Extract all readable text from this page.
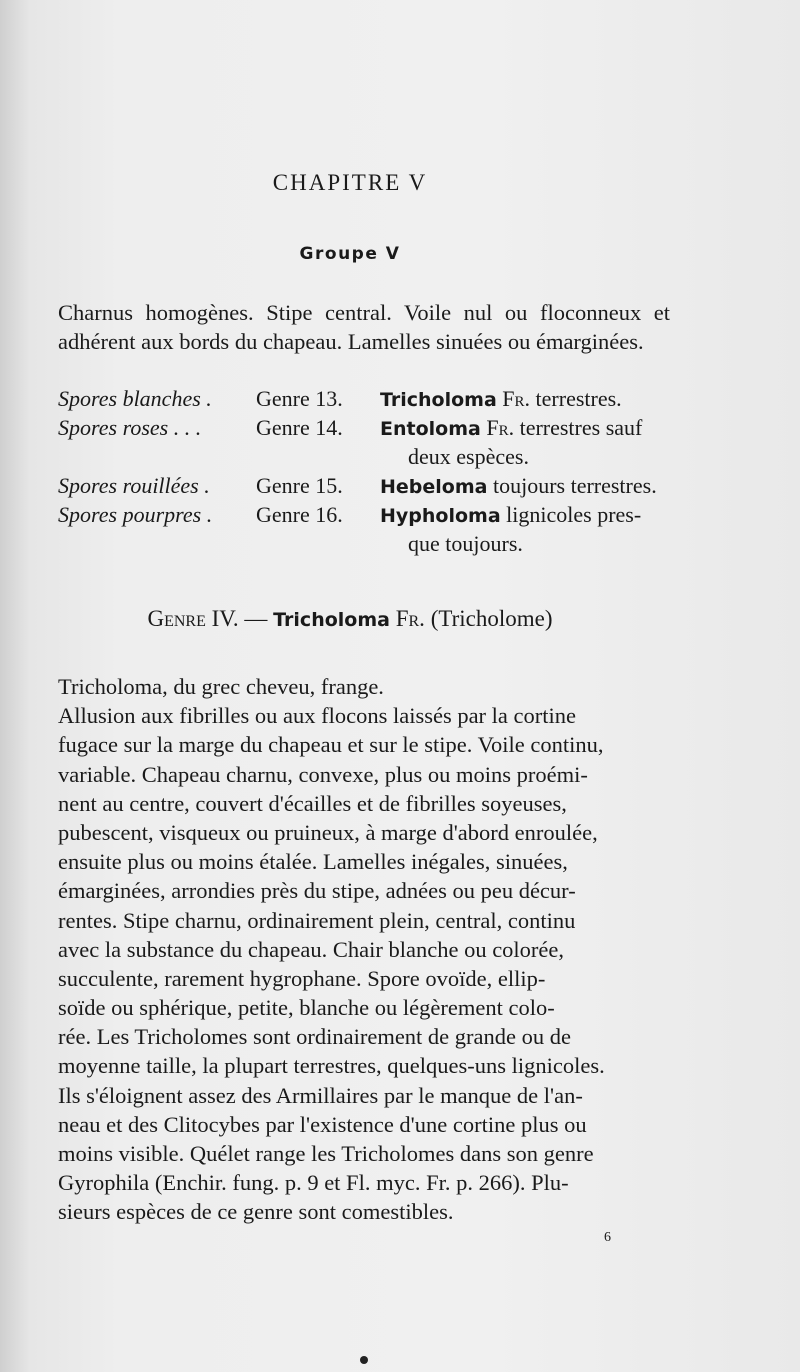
CHAPITRE V
Groupe V

Charnus homogènes. Stipe central. Voile nul ou floconneux et adhérent aux bords du chapeau. Lamelles sinuées ou émarginées.

Spores blanches . Genre 13. Tricholoma Fr. terrestres.
Spores roses . . . Genre 14. Entoloma Fr. terrestres sauf
deux espèces.
Spores rouillées . Genre 15. Hebeloma toujours terrestres.
Spores pourpres . Genre 16. Hypholoma lignicoles pres-
que toujours.
Genre IV. — Tricholoma Fr. (Tricholome)
Tricholoma, du grec cheveu, frange.
Allusion aux fibrilles ou aux flocons laissés par la cortine
fugace sur la marge du chapeau et sur le stipe. Voile continu,
variable. Chapeau charnu, convexe, plus ou moins proémi-
nent au centre, couvert d'écailles et de fibrilles soyeuses,
pubescent, visqueux ou pruineux, à marge d'abord enroulée,
ensuite plus ou moins étalée. Lamelles inégales, sinuées,
émarginées, arrondies près du stipe, adnées ou peu décur-
rentes. Stipe charnu, ordinairement plein, central, continu
avec la substance du chapeau. Chair blanche ou colorée,
succulente, rarement hygrophane. Spore ovoïde, ellip-
soïde ou sphérique, petite, blanche ou légèrement colo-
rée. Les Tricholomes sont ordinairement de grande ou de
moyenne taille, la plupart terrestres, quelques-uns lignicoles.
Ils s'éloignent assez des Armillaires par le manque de l'an-
neau et des Clitocybes par l'existence d'une cortine plus ou
moins visible. Quélet range les Tricholomes dans son genre
Gyrophila (Enchir. fung. p. 9 et Fl. myc. Fr. p. 266). Plu-
sieurs espèces de ce genre sont comestibles.
6
